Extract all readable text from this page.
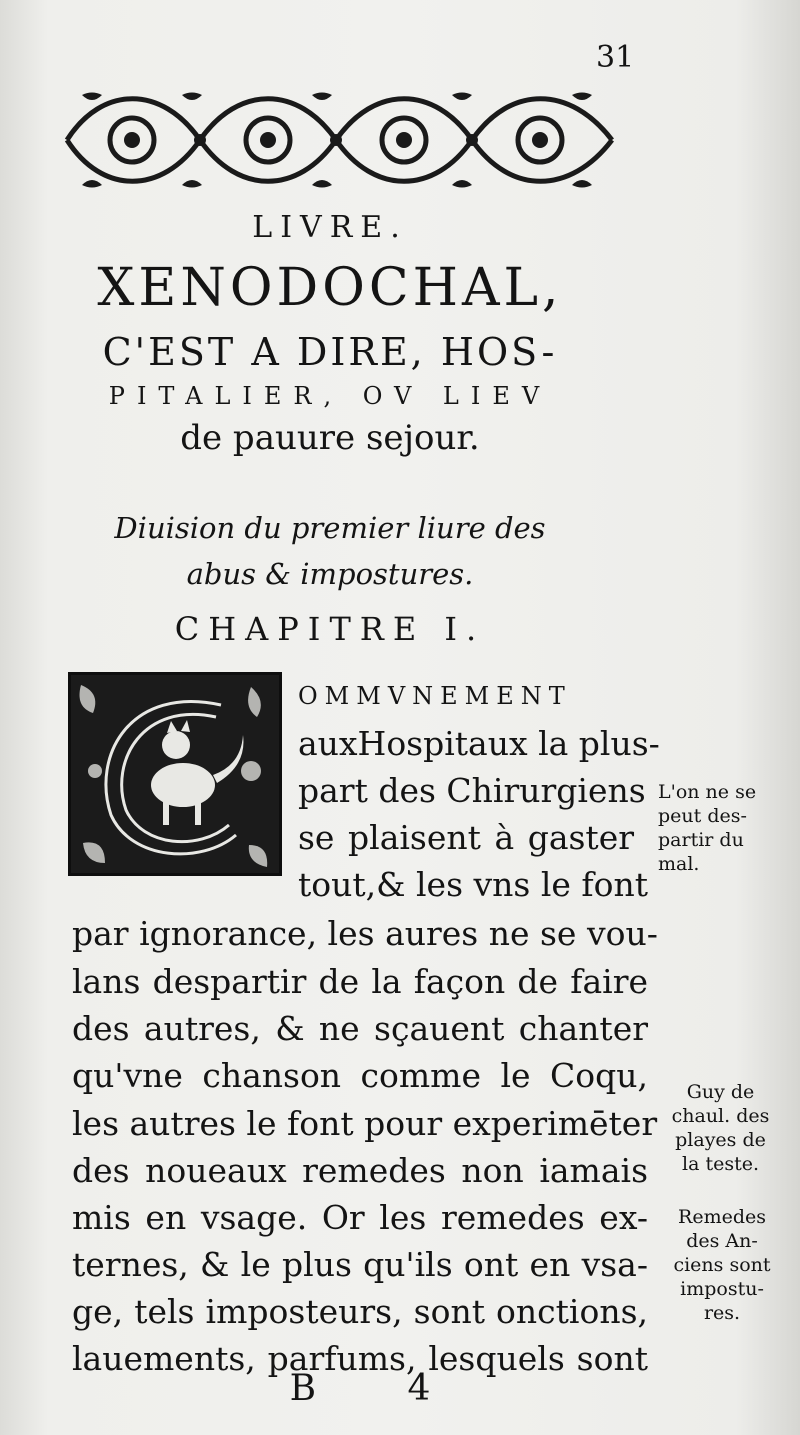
31
LIVRE.
XENODOCHAL,
C'EST A DIRE, HOS-
PITALIER, OV LIEV
de pauure sejour.
Diuision du premier liure des
abus & impostures.
CHAPITRE I.
OMMVNEMENT
auxHospitaux la plus-
part des Chirurgiens
se plaisent à gaster
tout,& les vns le font
par ignorance, les aures ne se vou-
lans despartir de la façon de faire
des autres, & ne sçauent chanter
qu'vne chanson comme le Coqu,
les autres le font pour experimēter
des noueaux remedes non iamais
mis en vsage. Or les remedes ex-
ternes, & le plus qu'ils ont en vsa-
ge, tels imposteurs, sont onctions,
lauements, parfums, lesquels sont
L'on ne se
peut des-
partir du
mal.
Guy de
chaul. des
playes de
la teste.
Remedes
des An-
ciens sont
impostu-
res.
B 4
